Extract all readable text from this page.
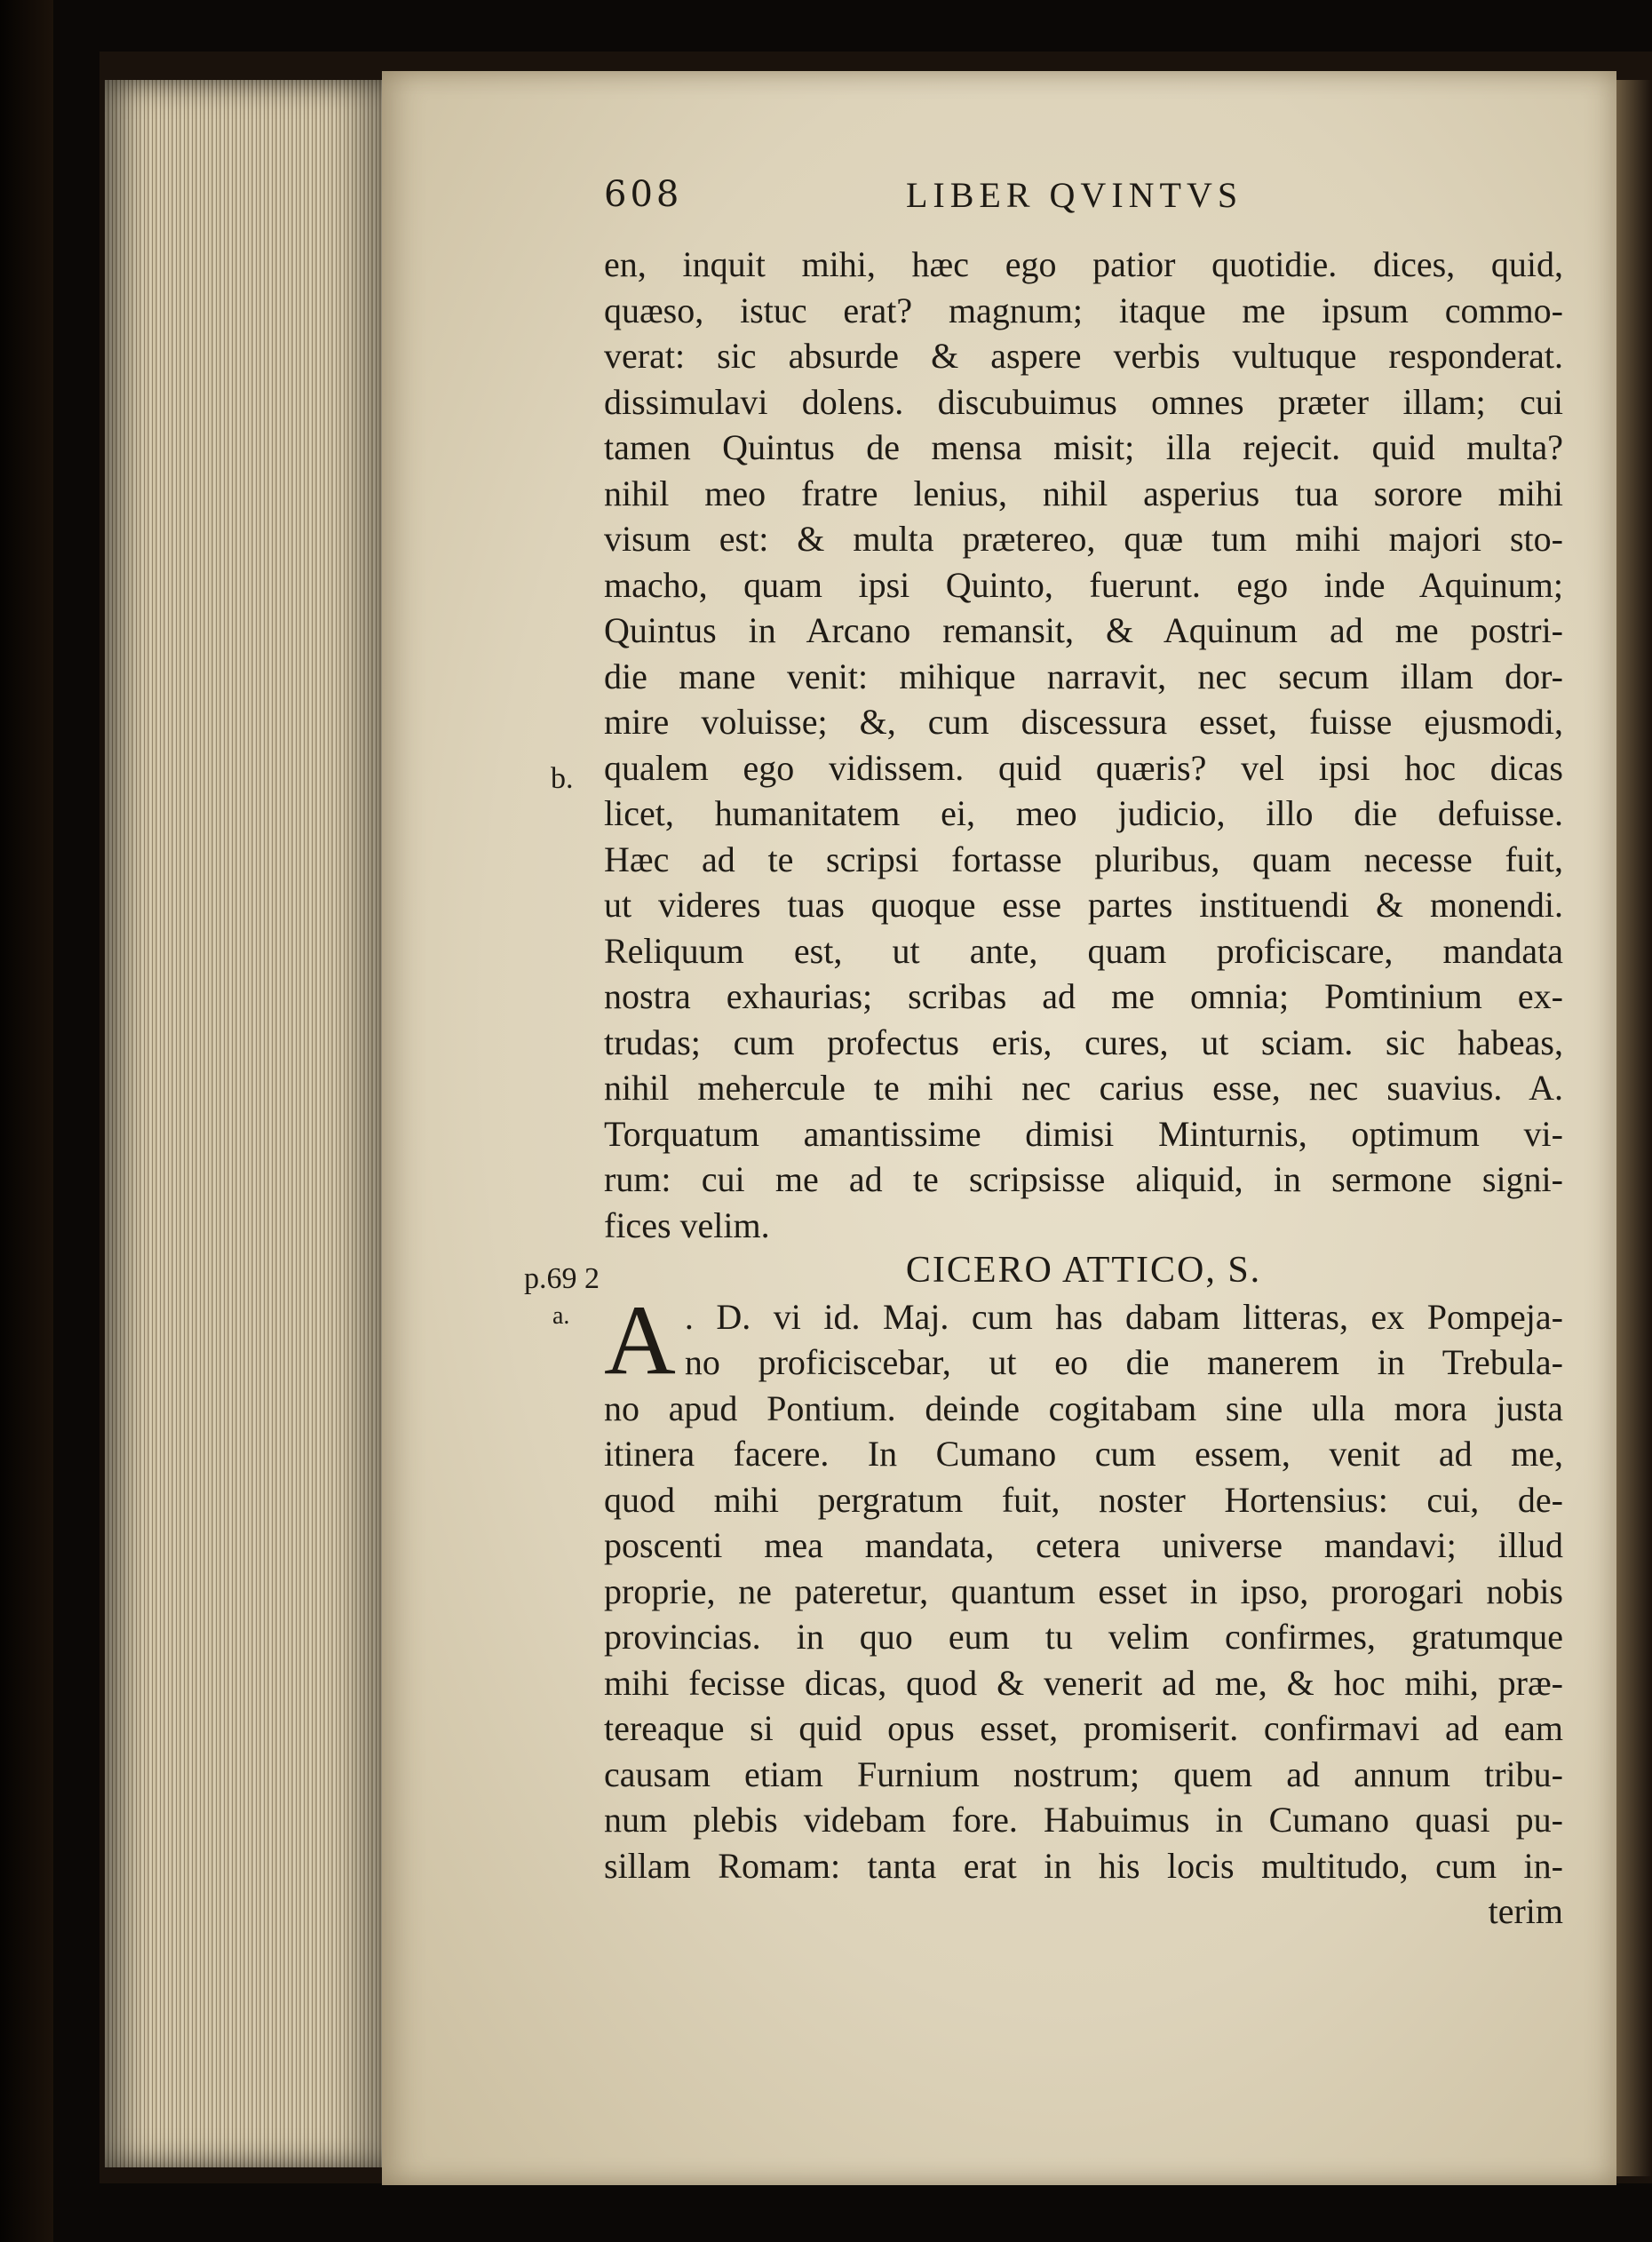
608	LIBER QVINTVS
b.
p.69 2
a.
en, inquit mihi, hæc ego patior quotidie. dices, quid,
quæso, istuc erat? magnum; itaque me ipsum commo-
verat: sic absurde & aspere verbis vultuque responderat.
dissimulavi dolens. discubuimus omnes præter illam; cui
tamen Quintus de mensa misit; illa rejecit. quid multa?
nihil meo fratre lenius, nihil asperius tua sorore mihi
visum est: & multa prætereo, quæ tum mihi majori sto-
macho, quam ipsi Quinto, fuerunt. ego inde Aquinum;
Quintus in Arcano remansit, & Aquinum ad me postri-
die mane venit: mihique narravit, nec secum illam dor-
mire voluisse; &, cum discessura esset, fuisse ejusmodi,
qualem ego vidissem. quid quæris? vel ipsi hoc dicas
licet, humanitatem ei, meo judicio, illo die defuisse.
Hæc ad te scripsi fortasse pluribus, quam necesse fuit,
ut videres tuas quoque esse partes instituendi & monendi.
Reliquum est, ut ante, quam proficiscare, mandata
nostra exhaurias; scribas ad me omnia; Pomtinium ex-
trudas; cum profectus eris, cures, ut sciam. sic habeas,
nihil mehercule te mihi nec carius esse, nec suavius. A.
Torquatum amantissime dimisi Minturnis, optimum vi-
rum: cui me ad te scripsisse aliquid, in sermone signi-
fices velim.
CICERO ATTICO, S.
A . D. vi id. Maj. cum has dabam litteras, ex Pompeja-
no proficiscebar, ut eo die manerem in Trebula-
no apud Pontium. deinde cogitabam sine ulla mora justa
itinera facere. In Cumano cum essem, venit ad me,
quod mihi pergratum fuit, noster Hortensius: cui, de-
poscenti mea mandata, cetera universe mandavi; illud
proprie, ne pateretur, quantum esset in ipso, prorogari nobis
provincias. in quo eum tu velim confirmes, gratumque
mihi fecisse dicas, quod & venerit ad me, & hoc mihi, præ-
tereaque si quid opus esset, promiserit. confirmavi ad eam
causam etiam Furnium nostrum; quem ad annum tribu-
num plebis videbam fore. Habuimus in Cumano quasi pu-
sillam Romam: tanta erat in his locis multitudo, cum in-
terim
